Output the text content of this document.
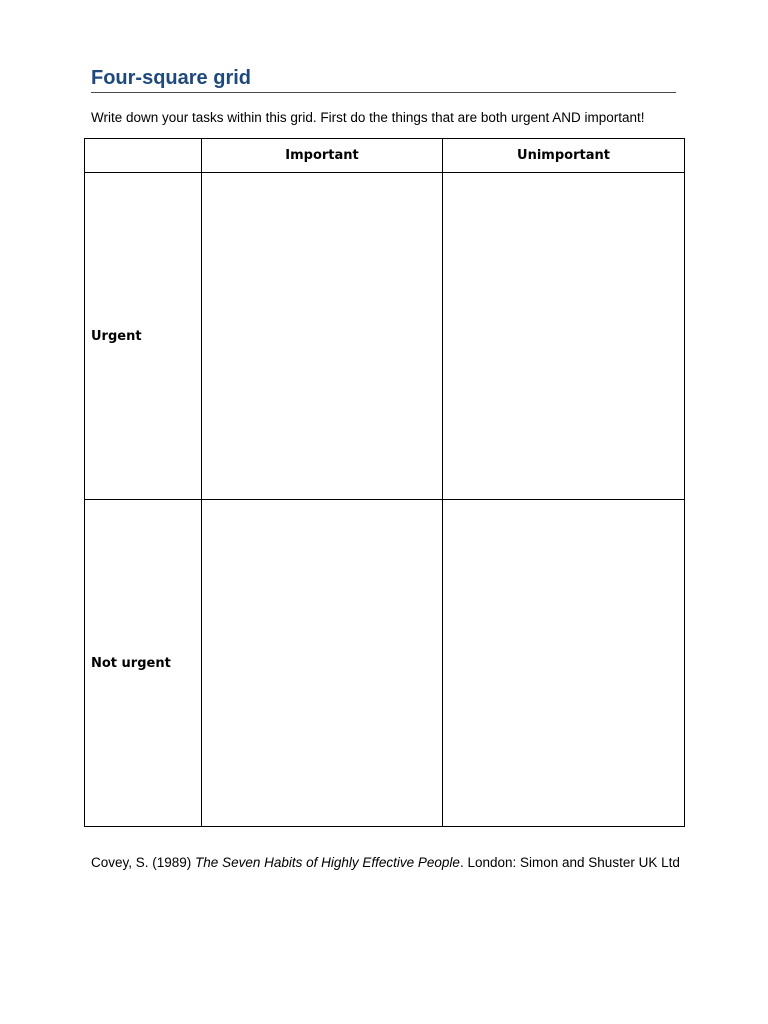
Four-square grid

Write down your tasks within this grid. First do the things that are both urgent AND important!

	Important	Unimportant
Urgent		
Not urgent		

Covey, S. (1989) The Seven Habits of Highly Effective People. London: Simon and Shuster UK Ltd
